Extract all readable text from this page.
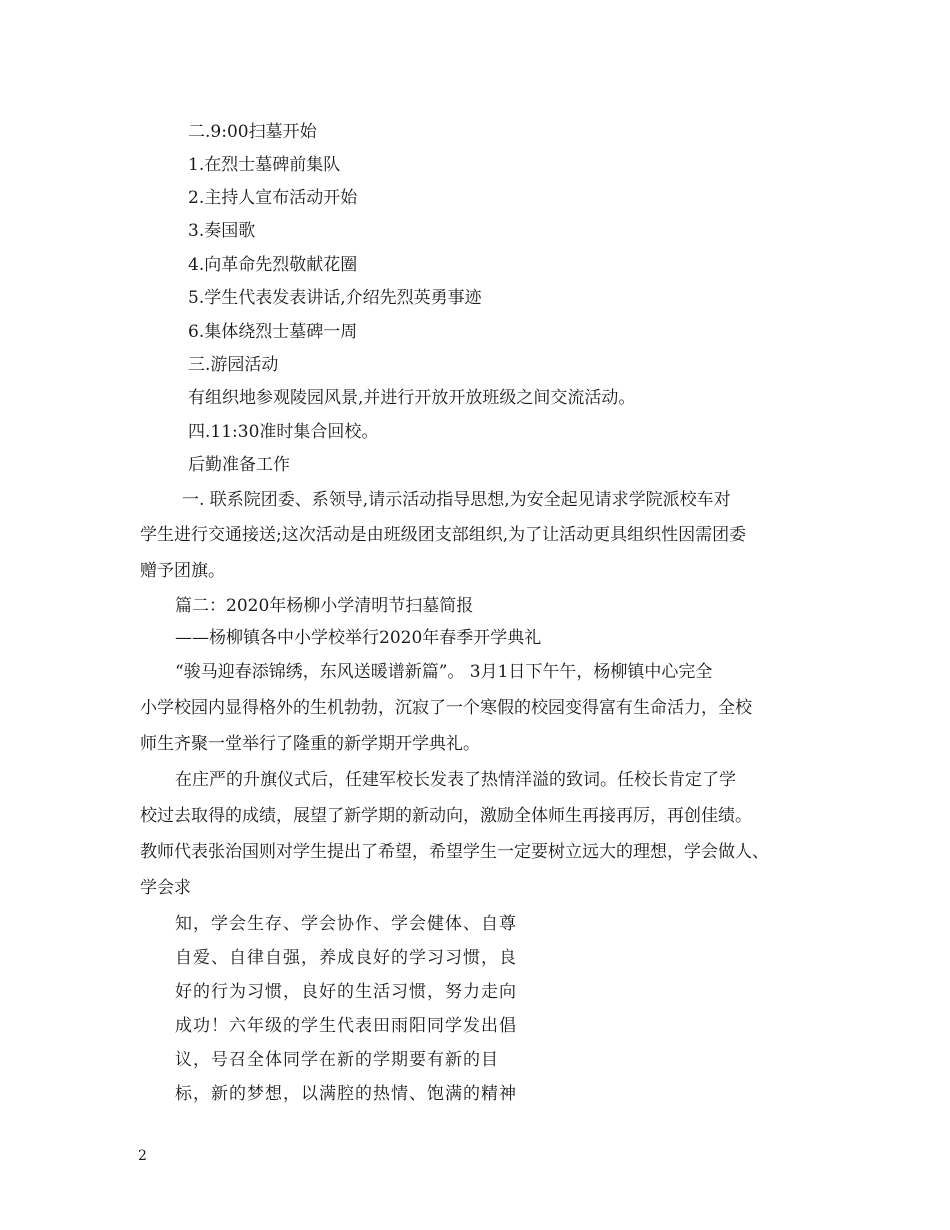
二.9:00扫墓开始
1.在烈士墓碑前集队
2.主持人宣布活动开始
3.奏国歌
4.向革命先烈敬献花圈
5.学生代表发表讲话,介绍先烈英勇事迹
6.集体绕烈士墓碑一周
三.游园活动
有组织地参观陵园风景,并进行开放开放班级之间交流活动。
四.11:30准时集合回校。
后勤准备工作
一. 联系院团委、系领导,请示活动指导思想,为安全起见请求学院派校车对
学生进行交通接送;这次活动是由班级团支部组织,为了让活动更具组织性因需团委
赠予团旗。
篇二：2020年杨柳小学清明节扫墓简报
——杨柳镇各中小学校举行2020年春季开学典礼
“骏马迎春添锦绣，东风送暖谱新篇”。 3月1日下午午，杨柳镇中心完全
小学校园内显得格外的生机勃勃，沉寂了一个寒假的校园变得富有生命活力，全校
师生齐聚一堂举行了隆重的新学期开学典礼。
在庄严的升旗仪式后，任建军校长发表了热情洋溢的致词。任校长肯定了学
校过去取得的成绩，展望了新学期的新动向，激励全体师生再接再厉，再创佳绩。
教师代表张治国则对学生提出了希望，希望学生一定要树立远大的理想，学会做人、
学会求
知，学会生存、学会协作、学会健体、自尊
自爱、自律自强，养成良好的学习习惯，良
好的行为习惯，良好的生活习惯，努力走向
成功！六年级的学生代表田雨阳同学发出倡
议，号召全体同学在新的学期要有新的目
标，新的梦想，以满腔的热情、饱满的精神
2
